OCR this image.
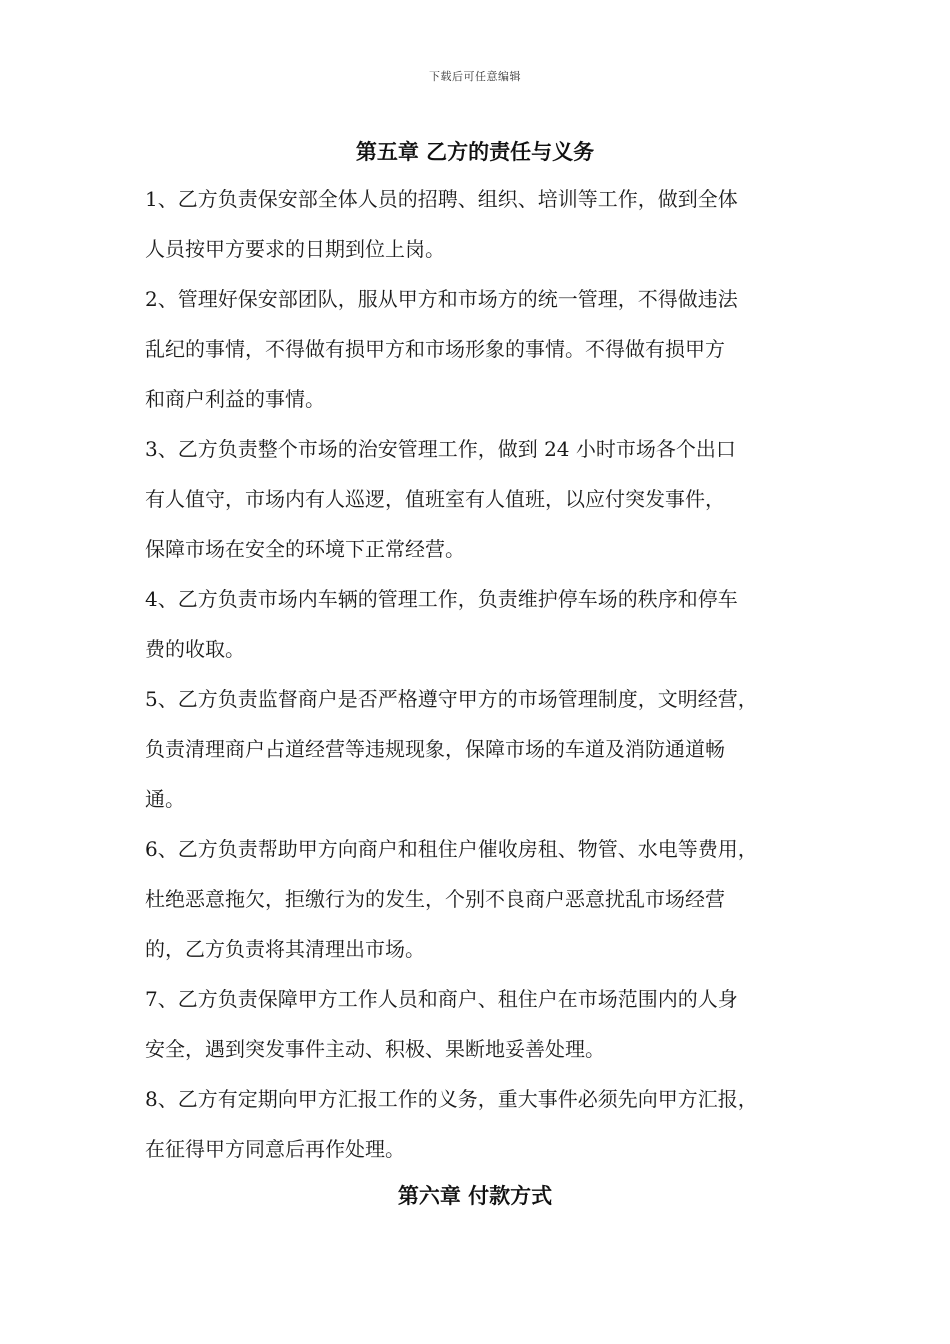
下载后可任意编辑
第五章 乙方的责任与义务
1、乙方负责保安部全体人员的招聘、组织、培训等工作，做到全体
人员按甲方要求的日期到位上岗。
2、管理好保安部团队，服从甲方和市场方的统一管理，不得做违法
乱纪的事情，不得做有损甲方和市场形象的事情。不得做有损甲方
和商户利益的事情。
3、乙方负责整个市场的治安管理工作，做到 24 小时市场各个出口
有人值守，市场内有人巡逻，值班室有人值班，以应付突发事件，
保障市场在安全的环境下正常经营。
4、乙方负责市场内车辆的管理工作，负责维护停车场的秩序和停车
费的收取。
5、乙方负责监督商户是否严格遵守甲方的市场管理制度，文明经营，
负责清理商户占道经营等违规现象，保障市场的车道及消防通道畅
通。
6、乙方负责帮助甲方向商户和租住户催收房租、物管、水电等费用，
杜绝恶意拖欠，拒缴行为的发生，个别不良商户恶意扰乱市场经营
的，乙方负责将其清理出市场。
7、乙方负责保障甲方工作人员和商户、租住户在市场范围内的人身
安全，遇到突发事件主动、积极、果断地妥善处理。
8、乙方有定期向甲方汇报工作的义务，重大事件必须先向甲方汇报，
在征得甲方同意后再作处理。
第六章 付款方式
